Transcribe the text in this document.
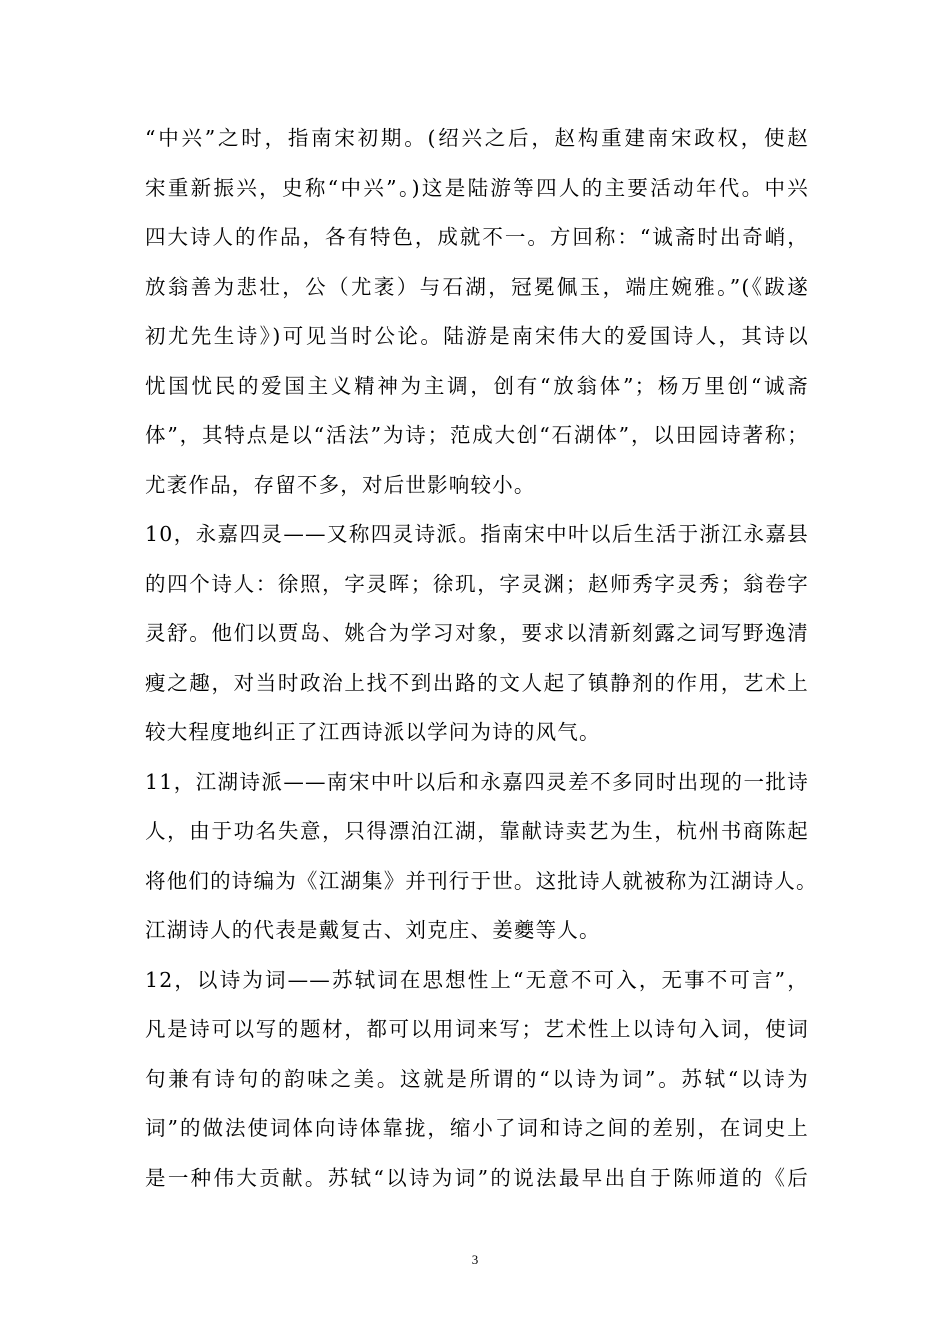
“中兴”之时，指南宋初期。(绍兴之后，赵构重建南宋政权，使赵
宋重新振兴，史称“中兴”。)这是陆游等四人的主要活动年代。中兴
四大诗人的作品，各有特色，成就不一。方回称：“诚斋时出奇峭，
放翁善为悲壮，公（尤袤）与石湖，冠冕佩玉，端庄婉雅。”(《跋遂
初尤先生诗》)可见当时公论。陆游是南宋伟大的爱国诗人，其诗以
忧国忧民的爱国主义精神为主调，创有“放翁体”；杨万里创“诚斋
体”，其特点是以“活法”为诗；范成大创“石湖体”，以田园诗著称；
尤袤作品，存留不多，对后世影响较小。
10，永嘉四灵——又称四灵诗派。指南宋中叶以后生活于浙江永嘉县
的四个诗人：徐照，字灵晖；徐玑，字灵渊；赵师秀字灵秀；翁卷字
灵舒。他们以贾岛、姚合为学习对象，要求以清新刻露之词写野逸清
瘦之趣，对当时政治上找不到出路的文人起了镇静剂的作用，艺术上
较大程度地纠正了江西诗派以学问为诗的风气。
11，江湖诗派——南宋中叶以后和永嘉四灵差不多同时出现的一批诗
人，由于功名失意，只得漂泊江湖，靠献诗卖艺为生，杭州书商陈起
将他们的诗编为《江湖集》并刊行于世。这批诗人就被称为江湖诗人。
江湖诗人的代表是戴复古、刘克庄、姜夔等人。
12，以诗为词——苏轼词在思想性上“无意不可入，无事不可言”，
凡是诗可以写的题材，都可以用词来写；艺术性上以诗句入词，使词
句兼有诗句的韵味之美。这就是所谓的“以诗为词”。苏轼“以诗为
词”的做法使词体向诗体靠拢，缩小了词和诗之间的差别，在词史上
是一种伟大贡献。苏轼“以诗为词”的说法最早出自于陈师道的《后
3
